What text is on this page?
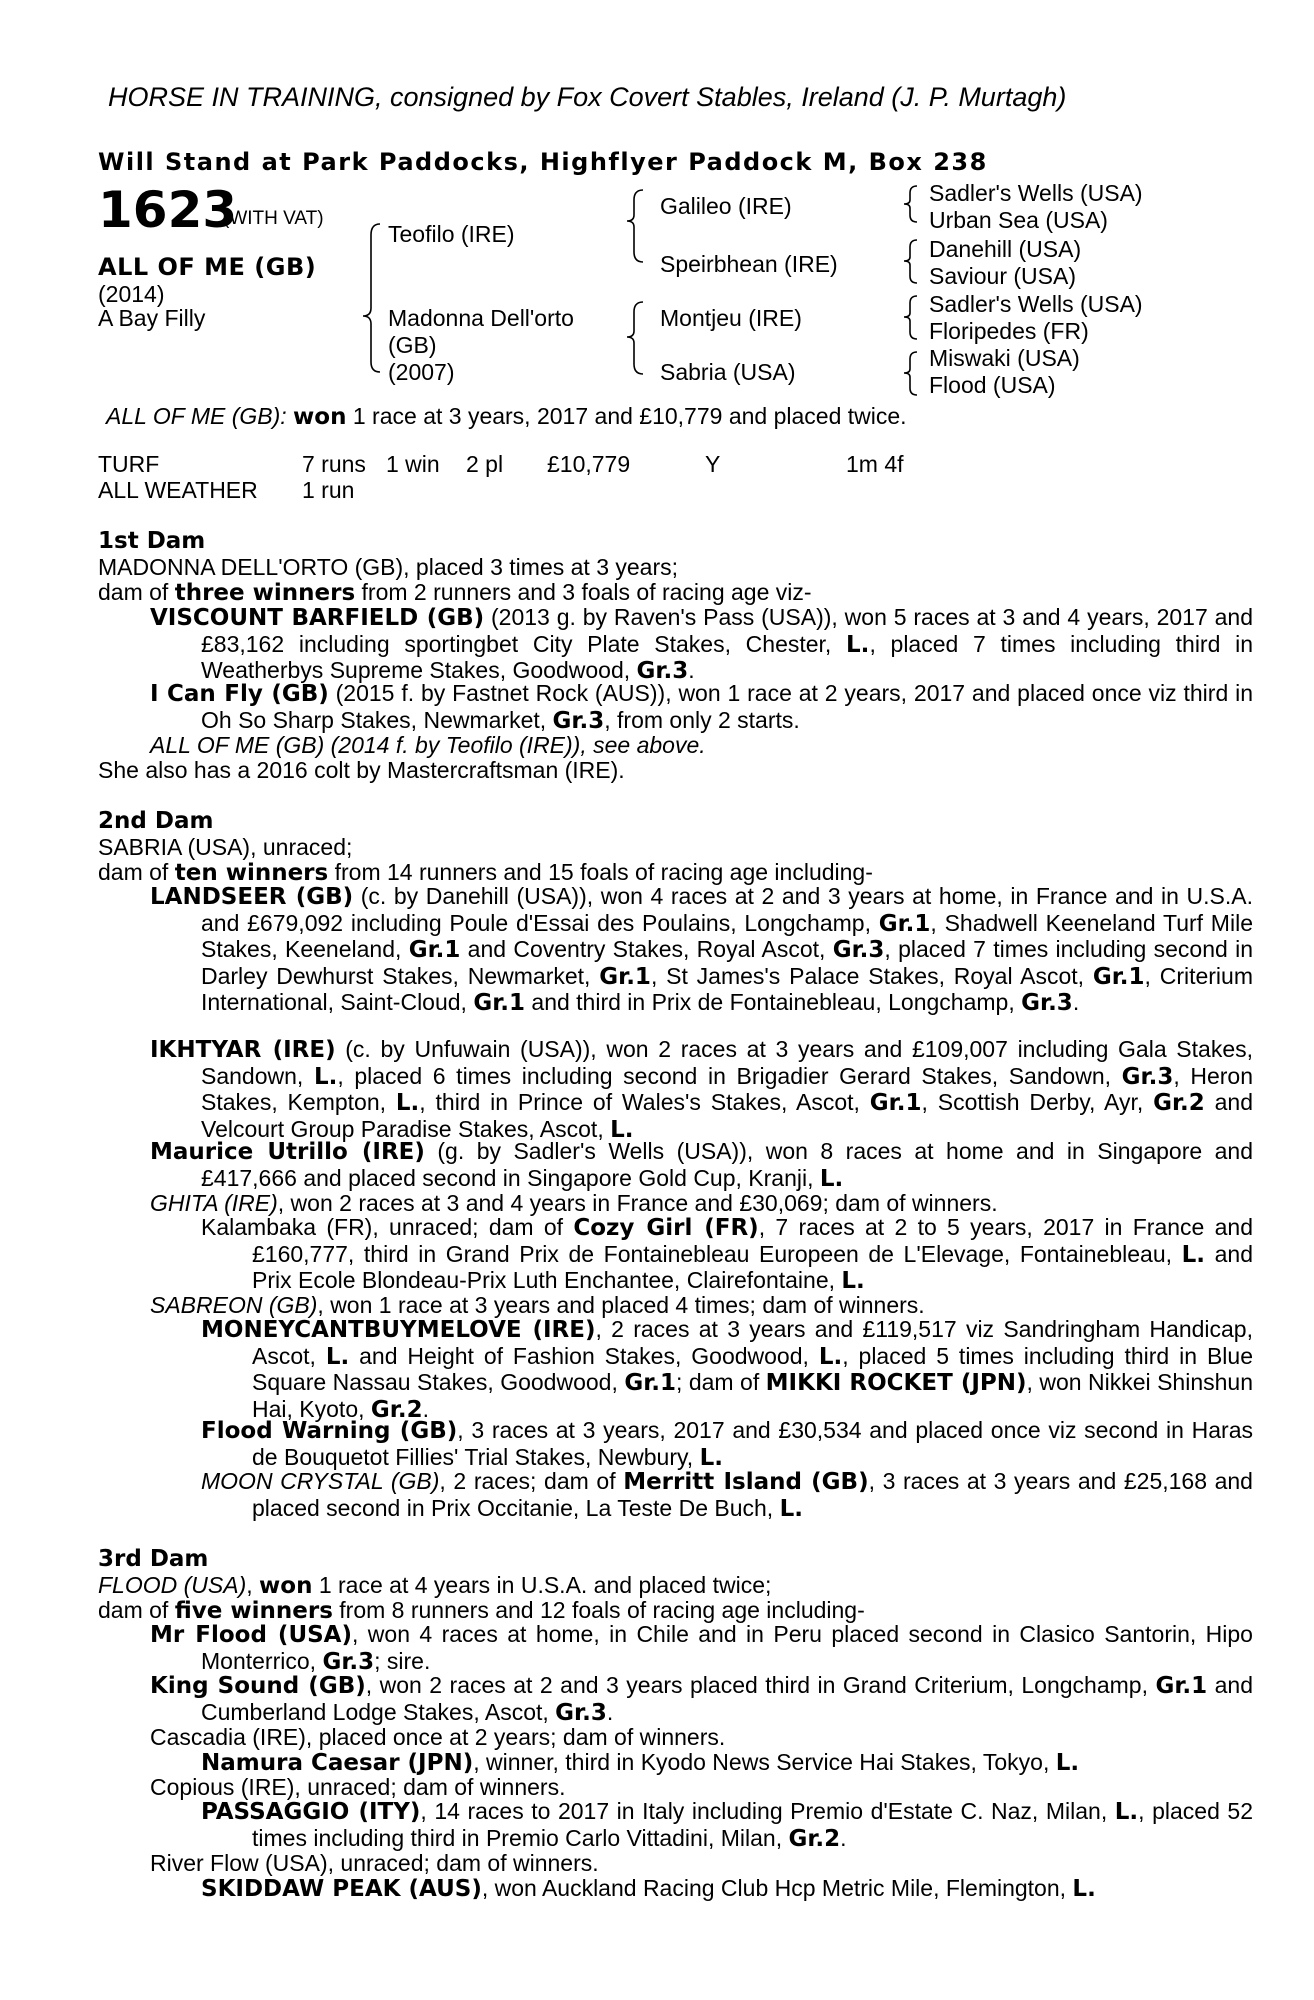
HORSE IN TRAINING, consigned by Fox Covert Stables, Ireland (J. P. Murtagh)
Will Stand at Park Paddocks, Highflyer Paddock M, Box 238
1623
(WITH VAT)
ALL OF ME (GB)
(2014)
A Bay Filly
Teofilo (IRE)
Madonna Dell'orto
(GB)
(2007)
Galileo (IRE)
Speirbhean (IRE)
Montjeu (IRE)
Sabria (USA)
Sadler's Wells (USA)
Urban Sea (USA)
Danehill (USA)
Saviour (USA)
Sadler's Wells (USA)
Floripedes (FR)
Miswaki (USA)
Flood (USA)
ALL OF ME (GB): won 1 race at 3 years, 2017 and £10,779 and placed twice.
TURF	7 runs 1 win 2 pl £10,779	Y	1m 4f
ALL WEATHER 1 run
1st Dam
MADONNA DELL'ORTO (GB), placed 3 times at 3 years;
dam of three winners from 2 runners and 3 foals of racing age viz-
VISCOUNT BARFIELD (GB) (2013 g. by Raven's Pass (USA)), won 5 races at 3 and 4 years, 2017 and £83,162 including sportingbet City Plate Stakes, Chester, L., placed 7 times including third in Weatherbys Supreme Stakes, Goodwood, Gr.3.
I Can Fly (GB) (2015 f. by Fastnet Rock (AUS)), won 1 race at 2 years, 2017 and placed once viz third in Oh So Sharp Stakes, Newmarket, Gr.3, from only 2 starts.
ALL OF ME (GB) (2014 f. by Teofilo (IRE)), see above.
She also has a 2016 colt by Mastercraftsman (IRE).
2nd Dam
SABRIA (USA), unraced;
dam of ten winners from 14 runners and 15 foals of racing age including-
LANDSEER (GB) (c. by Danehill (USA)), won 4 races at 2 and 3 years at home, in France and in U.S.A. and £679,092 including Poule d'Essai des Poulains, Longchamp, Gr.1, Shadwell Keeneland Turf Mile Stakes, Keeneland, Gr.1 and Coventry Stakes, Royal Ascot, Gr.3, placed 7 times including second in Darley Dewhurst Stakes, Newmarket, Gr.1, St James's Palace Stakes, Royal Ascot, Gr.1, Criterium International, Saint-Cloud, Gr.1 and third in Prix de Fontainebleau, Longchamp, Gr.3.
IKHTYAR (IRE) (c. by Unfuwain (USA)), won 2 races at 3 years and £109,007 including Gala Stakes, Sandown, L., placed 6 times including second in Brigadier Gerard Stakes, Sandown, Gr.3, Heron Stakes, Kempton, L., third in Prince of Wales's Stakes, Ascot, Gr.1, Scottish Derby, Ayr, Gr.2 and Velcourt Group Paradise Stakes, Ascot, L.
Maurice Utrillo (IRE) (g. by Sadler's Wells (USA)), won 8 races at home and in Singapore and £417,666 and placed second in Singapore Gold Cup, Kranji, L.
GHITA (IRE), won 2 races at 3 and 4 years in France and £30,069; dam of winners.
Kalambaka (FR), unraced; dam of Cozy Girl (FR), 7 races at 2 to 5 years, 2017 in France and £160,777, third in Grand Prix de Fontainebleau Europeen de L'Elevage, Fontainebleau, L. and Prix Ecole Blondeau-Prix Luth Enchantee, Clairefontaine, L.
SABREON (GB), won 1 race at 3 years and placed 4 times; dam of winners.
MONEYCANTBUYMELOVE (IRE), 2 races at 3 years and £119,517 viz Sandringham Handicap, Ascot, L. and Height of Fashion Stakes, Goodwood, L., placed 5 times including third in Blue Square Nassau Stakes, Goodwood, Gr.1; dam of MIKKI ROCKET (JPN), won Nikkei Shinshun Hai, Kyoto, Gr.2.
Flood Warning (GB), 3 races at 3 years, 2017 and £30,534 and placed once viz second in Haras de Bouquetot Fillies' Trial Stakes, Newbury, L.
MOON CRYSTAL (GB), 2 races; dam of Merritt Island (GB), 3 races at 3 years and £25,168 and placed second in Prix Occitanie, La Teste De Buch, L.
3rd Dam
FLOOD (USA), won 1 race at 4 years in U.S.A. and placed twice;
dam of five winners from 8 runners and 12 foals of racing age including-
Mr Flood (USA), won 4 races at home, in Chile and in Peru placed second in Clasico Santorin, Hipo Monterrico, Gr.3; sire.
King Sound (GB), won 2 races at 2 and 3 years placed third in Grand Criterium, Longchamp, Gr.1 and Cumberland Lodge Stakes, Ascot, Gr.3.
Cascadia (IRE), placed once at 2 years; dam of winners.
Namura Caesar (JPN), winner, third in Kyodo News Service Hai Stakes, Tokyo, L.
Copious (IRE), unraced; dam of winners.
PASSAGGIO (ITY), 14 races to 2017 in Italy including Premio d'Estate C. Naz, Milan, L., placed 52 times including third in Premio Carlo Vittadini, Milan, Gr.2.
River Flow (USA), unraced; dam of winners.
SKIDDAW PEAK (AUS), won Auckland Racing Club Hcp Metric Mile, Flemington, L.
